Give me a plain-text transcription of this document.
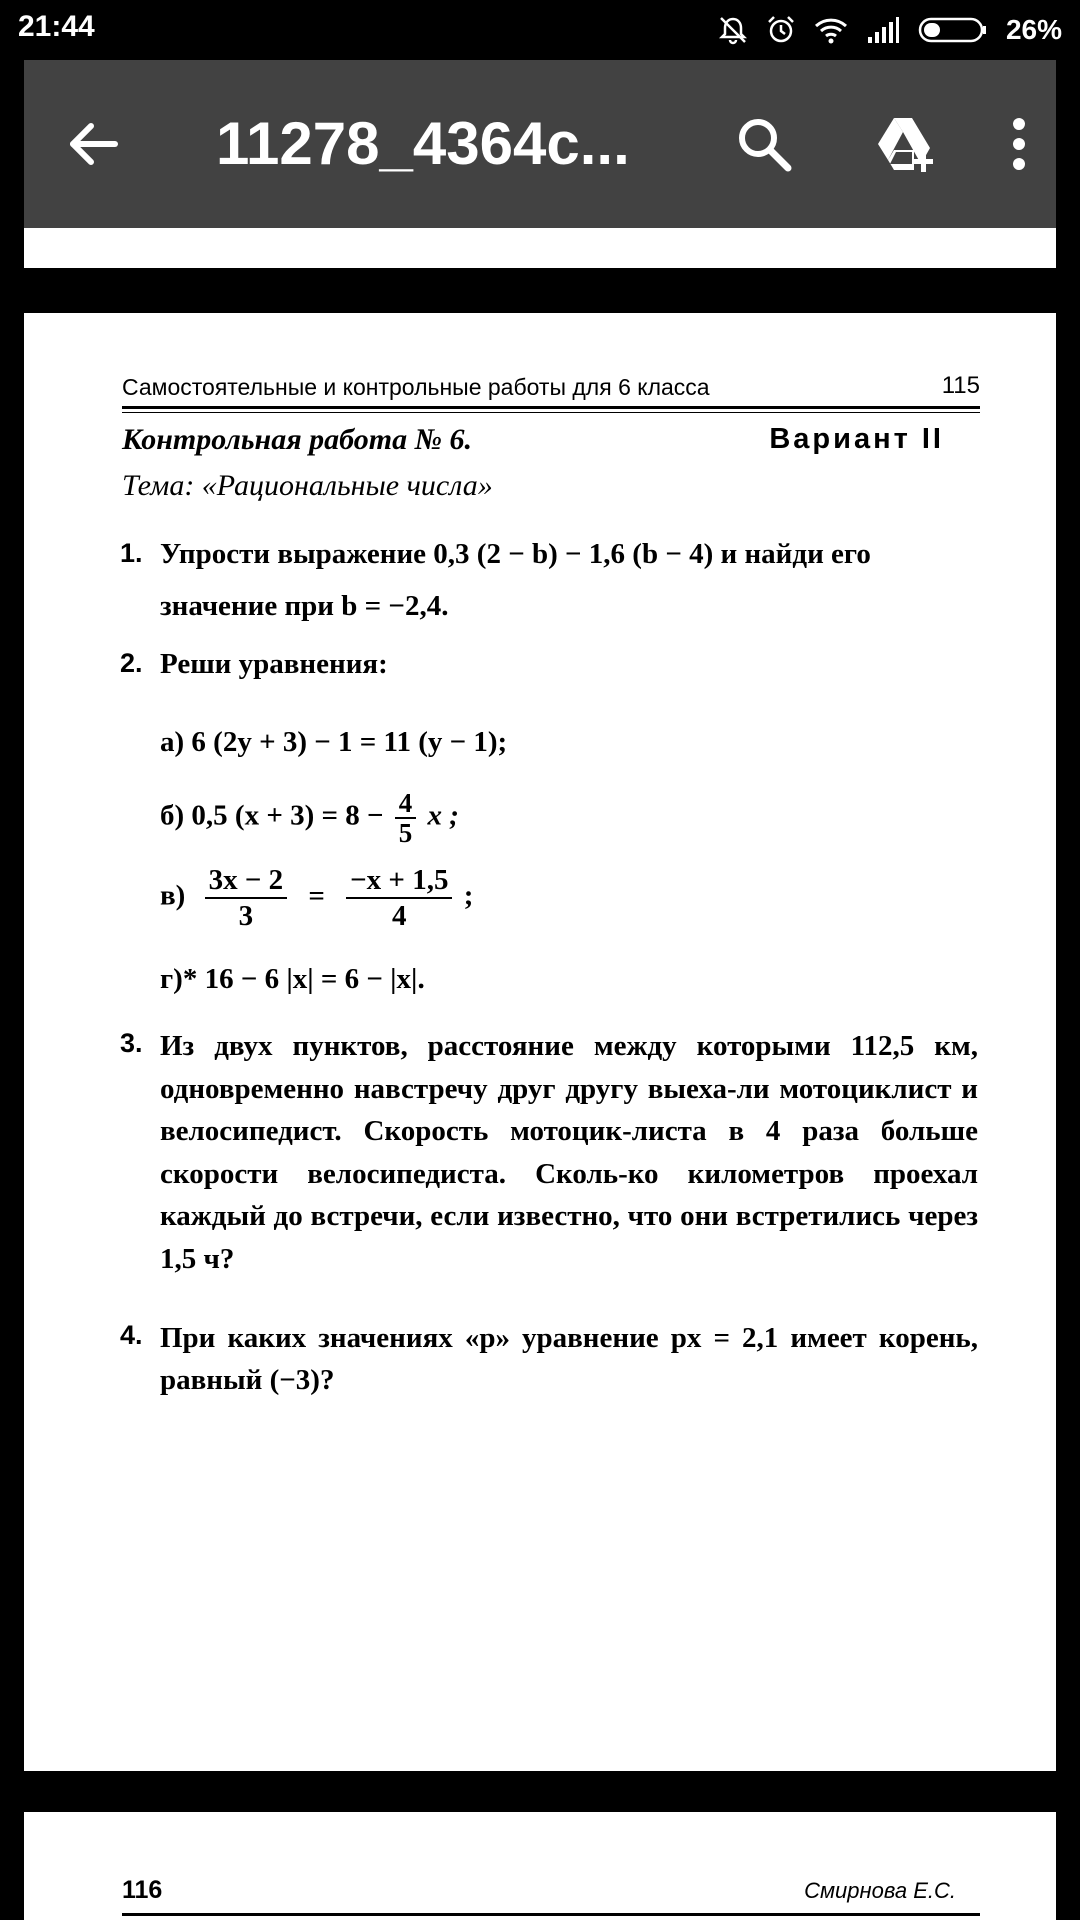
21:44	26%
11278_4364c...
Самостоятельные и контрольные работы для 6 класса	115
Контрольная работа № 6.	Вариант II
Тема: «Рациональные числа»
1. Упрости выражение 0,3 (2 − b) − 1,6 (b − 4) и найди его
значение при b = −2,4.
2. Реши уравнения:
а) 6 (2y + 3) − 1 = 11 (y − 1);
б) 0,5 $(x + 3) = 8 - \frac{4}{5}$ x ;
$в) \frac{3x - 2}{3} = \frac{-x + 1,5}{4}$ ;
г)* 16 − 6 |x| = 6 − |x|.
3. Из двух пунктов, расстояние между которыми 112,5 км, одновременно навстречу друг другу выеха-ли мотоциклист и велосипедист. Скорость мотоцик-листа в 4 раза больше скорости велосипедиста. Сколь-ко километров проехал каждый до встречи, если известно, что они встретились через 1,5 ч?
4. При каких значениях «р» уравнение px = 2,1 имеет корень, равный (−3)?
116	Смирнова Е.С.
